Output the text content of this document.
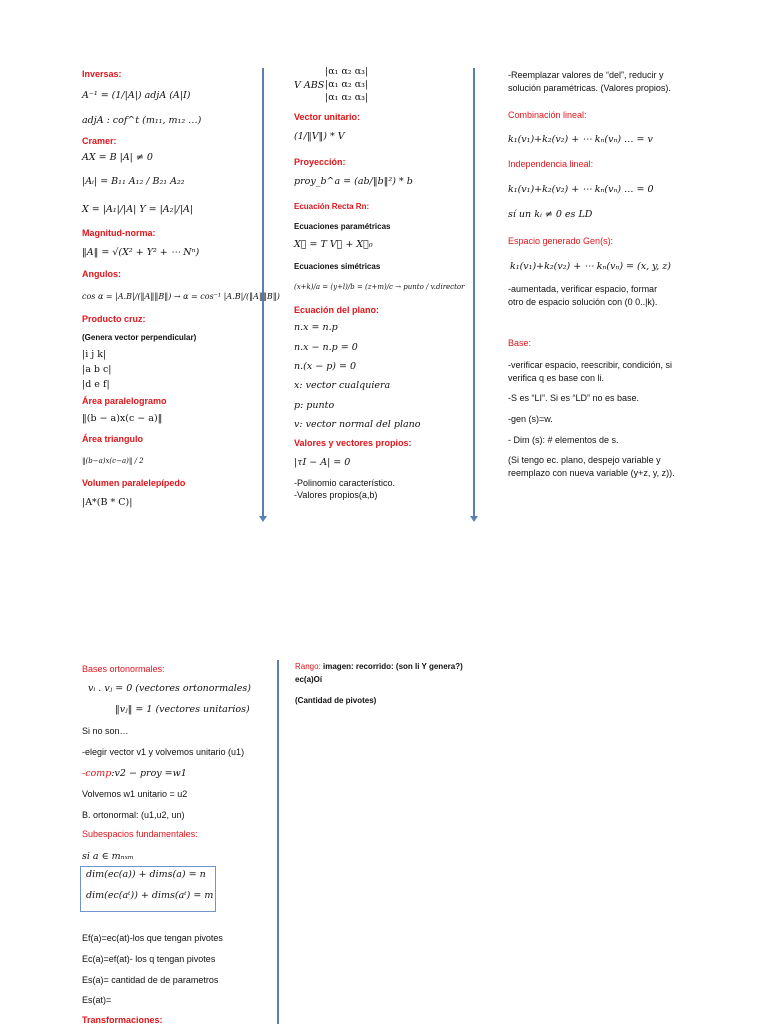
Inversas:
A⁻¹ = (1/|A|) adjA (A|I)
adjA : cof^t (m₁₁, m₁₂ …)
Cramer:
AX = B |A| ≠ 0
|Aᵢ| = B₁₁ A₁₂ / B₂₁ A₂₂
X = |A₁|/|A| Y = |A₂|/|A|
Magnitud-norma:
‖A‖ = √(X² + Y² + ⋯ Nⁿ)
Angulos:
cos α = |A.B|/(‖A‖‖B‖) → α = cos⁻¹ |A.B|/(‖A‖‖B‖)
Producto cruz:
(Genera vector perpendicular)
|i j k|
|a b c|
|d e f|
Área paralelogramo
‖(b − a)x(c − a)‖
Área triangulo
‖(b−a)x(c−a)‖ / 2
Volumen paralelepípedo
|A*(B * C)|
V ABS
|α₁ α₂ α₃|
|α₁ α₂ α₃|
|α₁ α₂ α₃|
Vector unitario:
(1/‖V‖) * V
Proyección:
proy_b^a = (ab/‖b‖²) * b
Ecuación Recta Rn:
Ecuaciones paramétricas
X⃗ = T V⃗ + X⃗₀
Ecuaciones simétricas
(x+k)/a = (y+l)/b = (z+m)/c → punto / v.director
Ecuación del plano:
n.x = n.p
n.x − n.p = 0
n.(x − p) = 0
x: vector cualquiera
p: punto
v: vector normal del plano
Valores y vectores propios:
|τI − A| = 0
-Polinomio característico.
-Valores propios(a,b)
-Reemplazar valores de “del”, reducir y
solución paramétricas. (Valores propios).
Combinación lineal:
k₁(v₁)+k₂(v₂) + ⋯ kₙ(vₙ) … = v
Independencia lineal:
k₁(v₁)+k₂(v₂) + ⋯ kₙ(vₙ) … = 0
sí un kᵢ ≠ 0 es LD
Espacio generado Gen(s):
k₁(v₁)+k₂(v₂) + ⋯ kₙ(vₙ) = (x, y, z)
-aumentada, verificar espacio, formar
otro de espacio solución con (0 0..|k).
Base:
-verificar espacio, reescribir, condición, si
verifica q es base con li.
-S es “LI”. Si es “LD” no es base.
-gen (s)=w.
- Dim (s): # elementos de s.
(Si tengo ec. plano, despejo variable y
reemplazo con nueva variable (y+z, y, z)).
Bases ortonormales:
vᵢ . vⱼ = 0 (vectores ortonormales)
‖vⱼ‖ = 1 (vectores unitarios)
Si no son…
-elegir vector v1 y volvemos unitario (u1)
-comp:v2 − proy =w1
Volvemos w1 unitario = u2
B. ortonormal: (u1,u2, un)
Subespacios fundamentales:
si a ∈ mₙₓₘ
dim(ec(a)) + dims(a) = n
dim(ec(aᵗ)) + dims(aᵗ) = m
Ef(a)=ec(at)-los que tengan pivotes
Ec(a)=ef(at)- los q tengan pivotes
Es(a)= cantidad de de parametros
Es(at)=
Transformaciones:
Rango: imagen: recorrido: (son li Y genera?)
ec(a)Oí
(Cantidad de pivotes)
